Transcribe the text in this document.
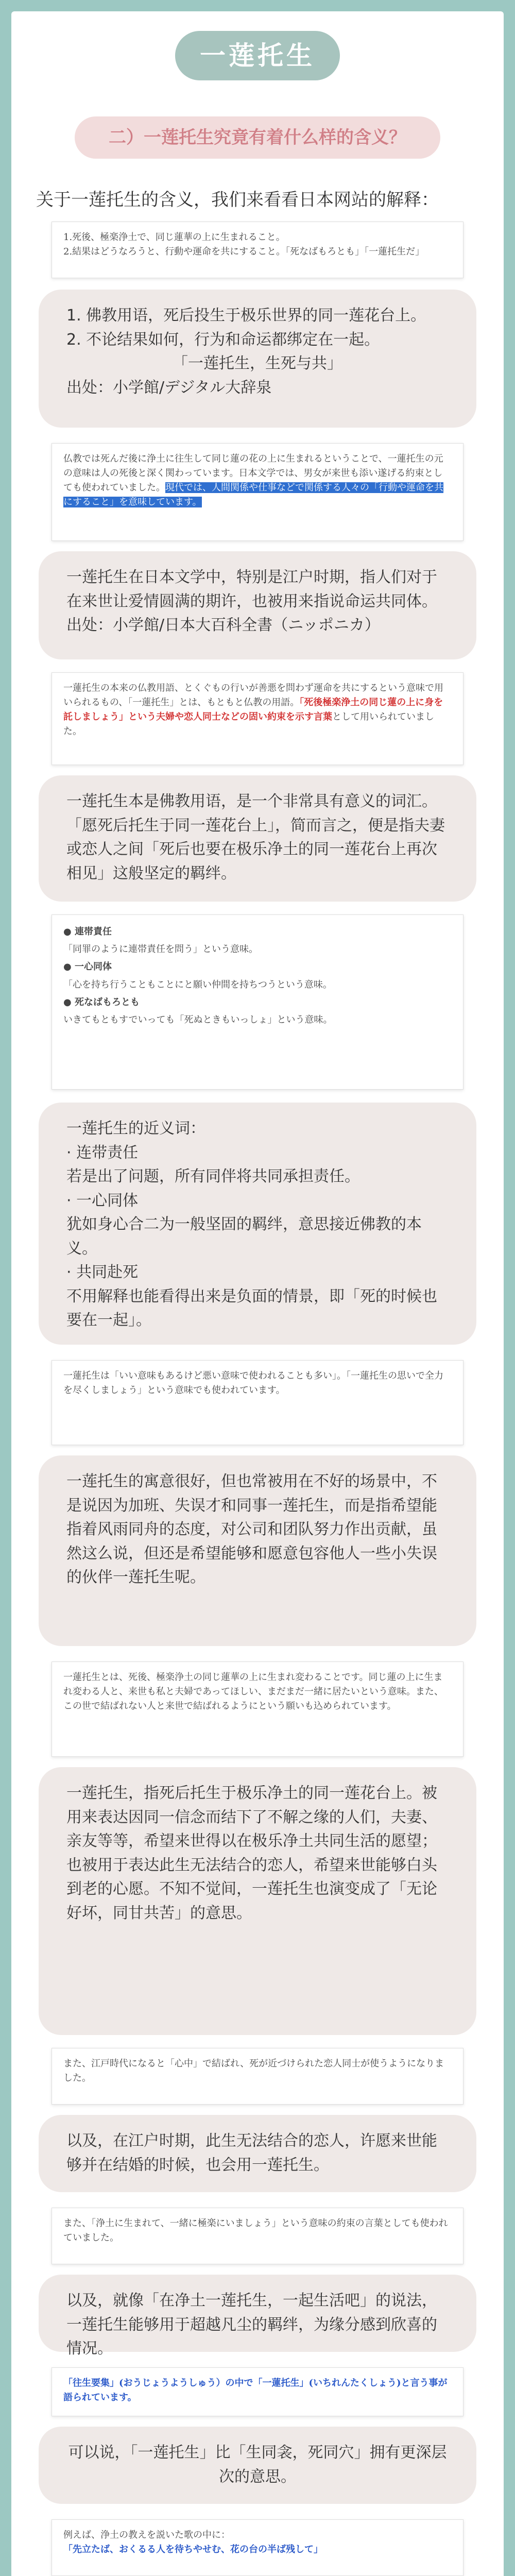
一莲托生
二）一莲托生究竟有着什么样的含义？
关于一莲托生的含义，我们来看看日本网站的解释：
1.死後、極楽浄土で、同じ蓮華の上に生まれること。
2.結果はどうなろうと、行動や運命を共にすること。「死なばもろとも」「一蓮托生だ」

1. 佛教用语，死后投生于极乐世界的同一莲花台上。

2. 不论结果如何，行为和命运都绑定在一起。

「一莲托生，生死与共」

出处：小学館/デジタル大辞泉

仏教では死んだ後に浄土に往生して同じ蓮の花の上に生まれるということで、一蓮托生の元の意味は人の死後と深く関わっています。日本文学では、男女が来世も添い遂げる約束としても使われていました。現代では、人間関係や仕事などで関係する人々の「行動や運命を共にすること」を意味しています。

一莲托生在日本文学中，特别是江户时期，指人们对于在来世让爱情圆满的期许，也被用来指说命运共同体。

出处：小学館/日本大百科全書（ニッポニカ）

一蓮托生の本来の仏教用語、とくぐもの行いが善悪を問わず運命を共にするという意味で用いられるもの、「一蓮托生」とは、もともと仏教の用語。「死後極楽浄土の同じ蓮の上に身を託しましょう」という夫婦や恋人同士などの固い約束を示す言葉として用いられていました。

一莲托生本是佛教用语，是一个非常具有意义的词汇。「愿死后托生于同一莲花台上」，简而言之，便是指夫妻或恋人之间「死后也要在极乐净土的同一莲花台上再次相见」这般坚定的羁绊。

● 連帯責任
「同罪のように連帯責任を問う」という意味。
● 一心同体
「心を持ち行うこともことにと願い仲間を持ちつうという意味。
● 死なばもろとも
いきてもともすでいっても「死ぬときもいっしょ」という意味。

一莲托生的近义词：

· 连带责任

若是出了问题，所有同伴将共同承担责任。

· 一心同体

犹如身心合二为一般坚固的羁绊，意思接近佛教的本义。

· 共同赴死

不用解释也能看得出来是负面的情景，即「死的时候也要在一起」。

一蓮托生は「いい意味もあるけど悪い意味で使われることも多い」。「一蓮托生の思いで全力を尽くしましょう」という意味でも使われています。

一莲托生的寓意很好，但也常被用在不好的场景中，不是说因为加班、失误才和同事一莲托生，而是指希望能指着风雨同舟的态度，对公司和团队努力作出贡献，虽然这么说，但还是希望能够和愿意包容他人一些小失误的伙伴一莲托生呢。

一蓮托生とは、死後、極楽浄土の同じ蓮華の上に生まれ変わることです。同じ蓮の上に生まれ変わる人と、来世も私と夫婦であってほしい、まだまだ一緒に居たいという意味。また、この世で結ばれない人と来世で結ばれるようにという願いも込められています。

一莲托生，指死后托生于极乐净土的同一莲花台上。被用来表达因同一信念而结下了不解之缘的人们，夫妻、亲友等等，希望来世得以在极乐净土共同生活的愿望；也被用于表达此生无法结合的恋人，希望来世能够白头到老的心愿。不知不觉间，一莲托生也演变成了「无论好坏，同甘共苦」的意思。

また、江戸時代になると「心中」で結ばれ、死が近づけられた恋人同士が使うようになりました。

以及，在江户时期，此生无法结合的恋人，许愿来世能够并在结婚的时候，也会用一莲托生。

また、「浄土に生まれて、一緒に極楽にいましょう」という意味の約束の言葉としても使われていました。

以及，就像「在净土一莲托生，一起生活吧」的说法，一莲托生能够用于超越凡尘的羁绊，为缘分感到欣喜的情况。

「往生要集」(おうじょうようしゅう）の中で「一蓮托生」(いちれんたくしょう)と言う事が語られています。

可以说，「一莲托生」比「生同衾，死同穴」拥有更深层次的意思。

例えば、浄土の教えを説いた歌の中に：
「先立たば、おくるる人を待ちやせむ、花の台の半ば残して」
